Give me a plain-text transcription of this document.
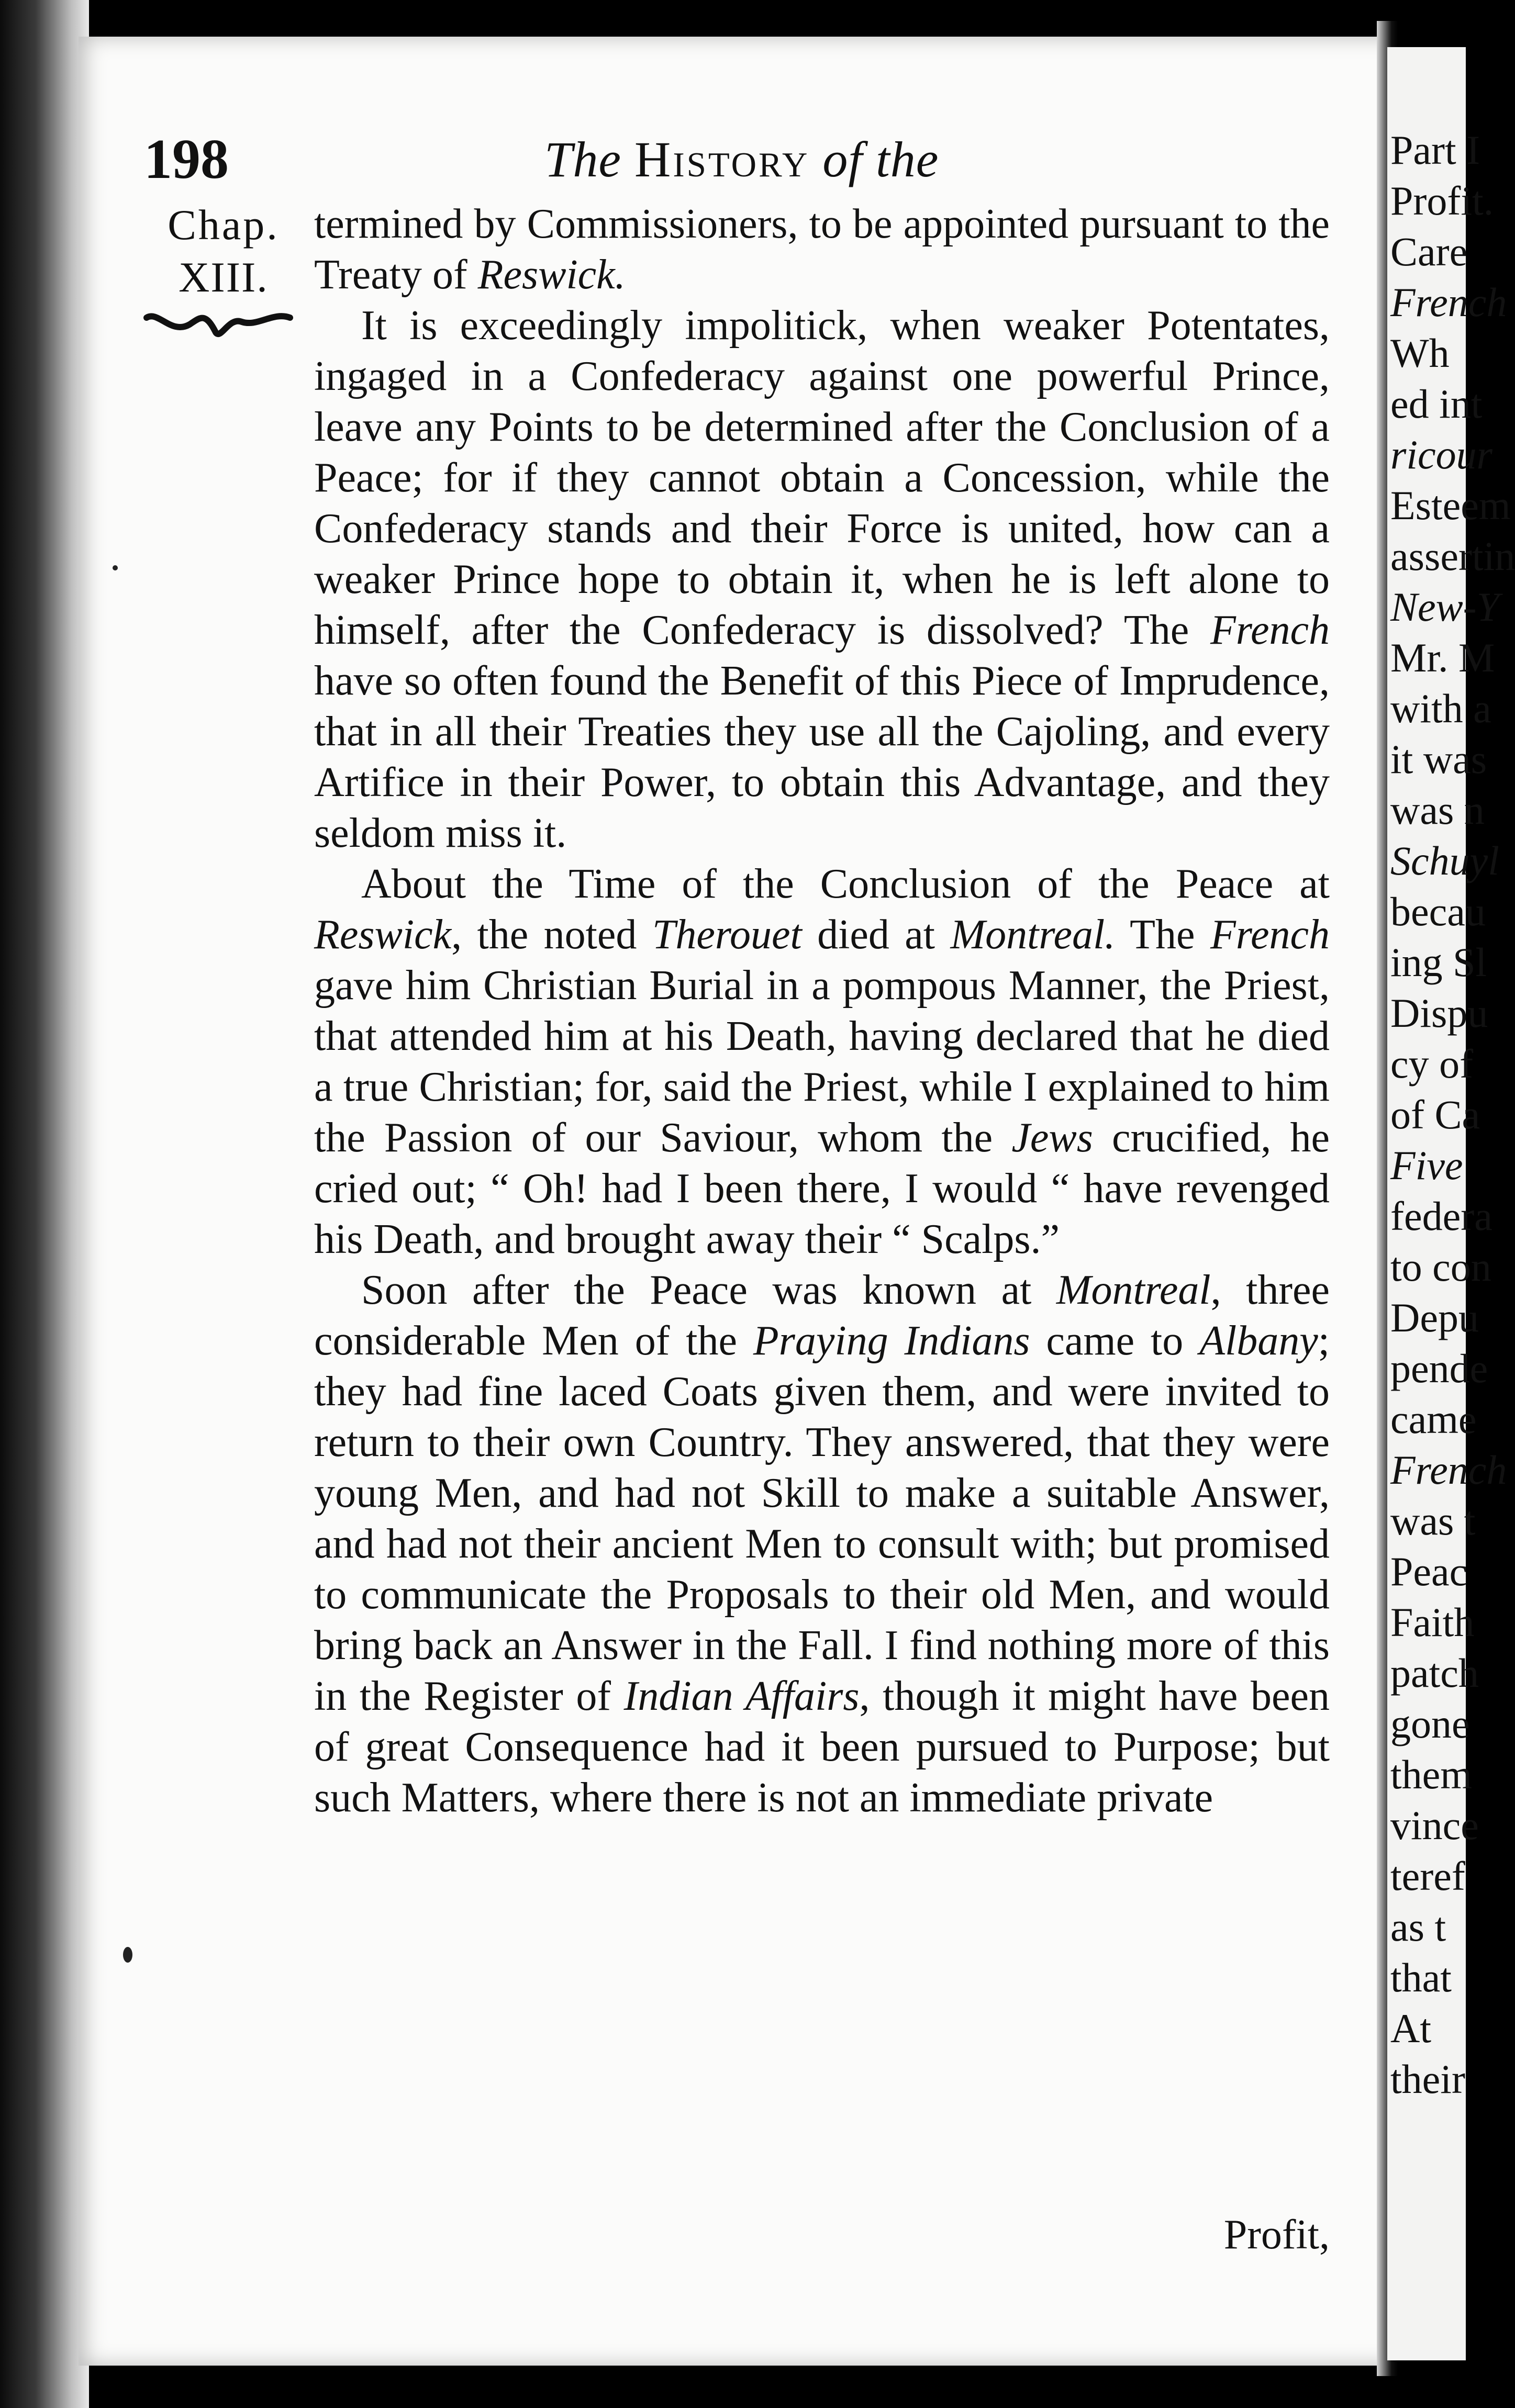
Part I
Profit.
Care
French
Wh
ed int
ricour
Esteem
assertin
New-Y
Mr. M
with a
it was
was n
Schuyl
becau
ing Sl
Dispu
cy of
of Ca
Five
federa
to con
Depu
pende
came
French
was t
Peac
Faith
patch
gone
them
vince
teref
as t
that
At
their
198	The History of the
Chap.
XIII.

termined by Commissioners, to be appointed pursuant to the Treaty of Reswick.

It is exceedingly impolitick, when weaker Potentates, ingaged in a Confederacy against one powerful Prince, leave any Points to be determined after the Conclusion of a Peace; for if they cannot obtain a Concession, while the Confederacy stands and their Force is united, how can a weaker Prince hope to obtain it, when he is left alone to himself, after the Confederacy is dissolved? The French have so often found the Benefit of this Piece of Imprudence, that in all their Treaties they use all the Cajoling, and every Artifice in their Power, to obtain this Advantage, and they seldom miss it.

About the Time of the Conclusion of the Peace at Reswick, the noted Therouet died at Montreal. The French gave him Christian Burial in a pompous Manner, the Priest, that attended him at his Death, having declared that he died a true Christian; for, said the Priest, while I explained to him the Passion of our Saviour, whom the Jews crucified, he cried out; “ Oh! had I been there, I would “ have revenged his Death, and brought away their “ Scalps.”

Soon after the Peace was known at Montreal, three considerable Men of the Praying Indians came to Albany; they had fine laced Coats given them, and were invited to return to their own Country. They answered, that they were young Men, and had not Skill to make a suitable Answer, and had not their ancient Men to consult with; but promised to communicate the Proposals to their old Men, and would bring back an Answer in the Fall. I find nothing more of this in the Register of Indian Affairs, though it might have been of great Consequence had it been pursued to Purpose; but such Matters, where there is not an immediate private

Profit,
